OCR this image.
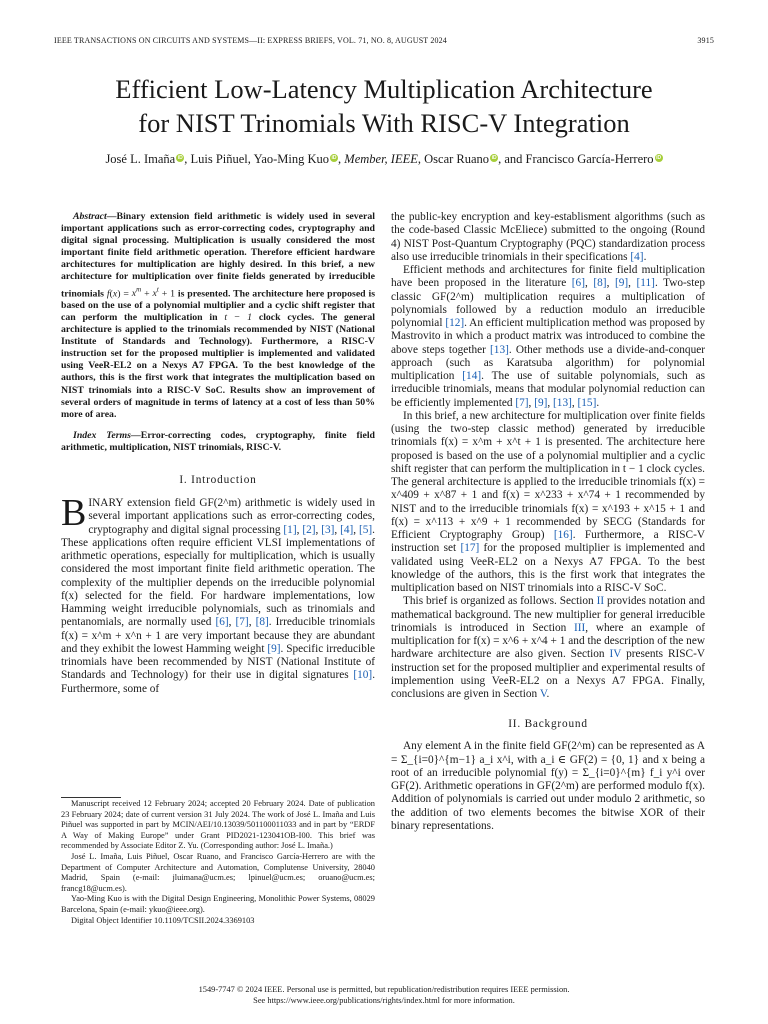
IEEE TRANSACTIONS ON CIRCUITS AND SYSTEMS—II: EXPRESS BRIEFS, VOL. 71, NO. 8, AUGUST 2024	3915
Efficient Low-Latency Multiplication Architecture
for NIST Trinomials With RISC-V Integration
José L. Imaña iD , Luis Piñuel, Yao-Ming Kuo iD , Member, IEEE, Oscar Ruano iD , and Francisco García-Herrero iD

Abstract—Binary extension field arithmetic is widely used in several important applications such as error-correcting codes, cryptography and digital signal processing. Multiplication is usually considered the most important finite field arithmetic operation. Therefore efficient hardware architectures for multiplication are highly desired. In this brief, a new architecture for multiplication over finite fields generated by irreducible trinomials $f(x) = x^m + x^t + 1$ is presented. The architecture here proposed is based on the use of a polynomial multiplier and a cyclic shift register that can perform the multiplication in t − 1 clock cycles. The general architecture is applied to the trinomials recommended by NIST (National Institute of Standards and Technology). Furthermore, a RISC-V instruction set for the proposed multiplier is implemented and validated using VeeR-EL2 on a Nexys A7 FPGA. To the best knowledge of the authors, this is the first work that integrates the multiplication based on NIST trinomials into a RISC-V SoC. Results show an improvement of several orders of magnitude in terms of latency at a cost of less than 50% more of area.

Index Terms—Error-correcting codes, cryptography, finite field arithmetic, multiplication, NIST trinomials, RISC-V.

I. Introduction

BINARY extension field GF(2^m) arithmetic is widely used in several important applications such as error-correcting codes, cryptography and digital signal processing [1], [2], [3], [4], [5]. These applications often require efficient VLSI implementations of arithmetic operations, especially for multiplication, which is usually considered the most important finite field arithmetic operation. The complexity of the multiplier depends on the irreducible polynomial f(x) selected for the field. For hardware implementations, low Hamming weight irreducible polynomials, such as trinomials and pentanomials, are normally used [6], [7], [8]. Irreducible trinomials f(x) = x^m + x^n + 1 are very important because they are abundant and they exhibit the lowest Hamming weight [9]. Specific irreducible trinomials have been recommended by NIST (National Institute of Standards and Technology) for their use in digital signatures [10]. Furthermore, some of

Manuscript received 12 February 2024; accepted 20 February 2024. Date of publication 23 February 2024; date of current version 31 July 2024. The work of José L. Imaña and Luis Piñuel was supported in part by MCIN/AEI/10.13039/501100011033 and in part by “ERDF A Way of Making Europe” under Grant PID2021-123041OB-I00. This brief was recommended by Associate Editor Z. Yu. (Corresponding author: José L. Imaña.)

José L. Imaña, Luis Piñuel, Oscar Ruano, and Francisco García-Herrero are with the Department of Computer Architecture and Automation, Complutense University, 28040 Madrid, Spain (e-mail: jluimana@ucm.es; lpinuel@ucm.es; oruano@ucm.es; francg18@ucm.es).

Yao-Ming Kuo is with the Digital Design Engineering, Monolithic Power Systems, 08029 Barcelona, Spain (e-mail: ykuo@ieee.org).

Digital Object Identifier 10.1109/TCSII.2024.3369103

the public-key encryption and key-establisment algorithms (such as the code-based Classic McEliece) submitted to the ongoing (Round 4) NIST Post-Quantum Cryptography (PQC) standardization process also use irreducible trinomials in their specifications [4].

Efficient methods and architectures for finite field multiplication have been proposed in the literature [6], [8], [9], [11]. Two-step classic GF(2^m) multiplication requires a multiplication of polynomials followed by a reduction modulo an irreducible polynomial [12]. An efficient multiplication method was proposed by Mastrovito in which a product matrix was introduced to combine the above steps together [13]. Other methods use a divide-and-conquer approach (such as Karatsuba algorithm) for polynomial multiplication [14]. The use of suitable polynomials, such as irreducible trinomials, means that modular polynomial reduction can be efficiently implemented [7], [9], [13], [15].

In this brief, a new architecture for multiplication over finite fields (using the two-step classic method) generated by irreducible trinomials f(x) = x^m + x^t + 1 is presented. The architecture here proposed is based on the use of a polynomial multiplier and a cyclic shift register that can perform the multiplication in t − 1 clock cycles. The general architecture is applied to the irreducible trinomials f(x) = x^409 + x^87 + 1 and f(x) = x^233 + x^74 + 1 recommended by NIST and to the irreducible trinomials f(x) = x^193 + x^15 + 1 and f(x) = x^113 + x^9 + 1 recommended by SECG (Standards for Efficient Cryptography Group) [16]. Furthermore, a RISC-V instruction set [17] for the proposed multiplier is implemented and validated using VeeR-EL2 on a Nexys A7 FPGA. To the best knowledge of the authors, this is the first work that integrates the multiplication based on NIST trinomials into a RISC-V SoC.

This brief is organized as follows. Section II provides notation and mathematical background. The new multiplier for general irreducible trinomials is introduced in Section III, where an example of multiplication for f(x) = x^6 + x^4 + 1 and the description of the new hardware architecture are also given. Section IV presents RISC-V instruction set for the proposed multiplier and experimental results of implemention using VeeR-EL2 on a Nexys A7 FPGA. Finally, conclusions are given in Section V.

II. Background

Any element A in the finite field GF(2^m) can be represented as A = Σ_{i=0}^{m−1} a_i x^i, with a_i ∈ GF(2) = {0, 1} and x being a root of an irreducible polynomial f(y) = Σ_{i=0}^{m} f_i y^i over GF(2). Arithmetic operations in GF(2^m) are performed modulo f(x). Addition of polynomials is carried out under modulo 2 arithmetic, so the addition of two elements becomes the bitwise XOR of their binary representations.

1549-7747 © 2024 IEEE. Personal use is permitted, but republication/redistribution requires IEEE permission.
See https://www.ieee.org/publications/rights/index.html for more information.
